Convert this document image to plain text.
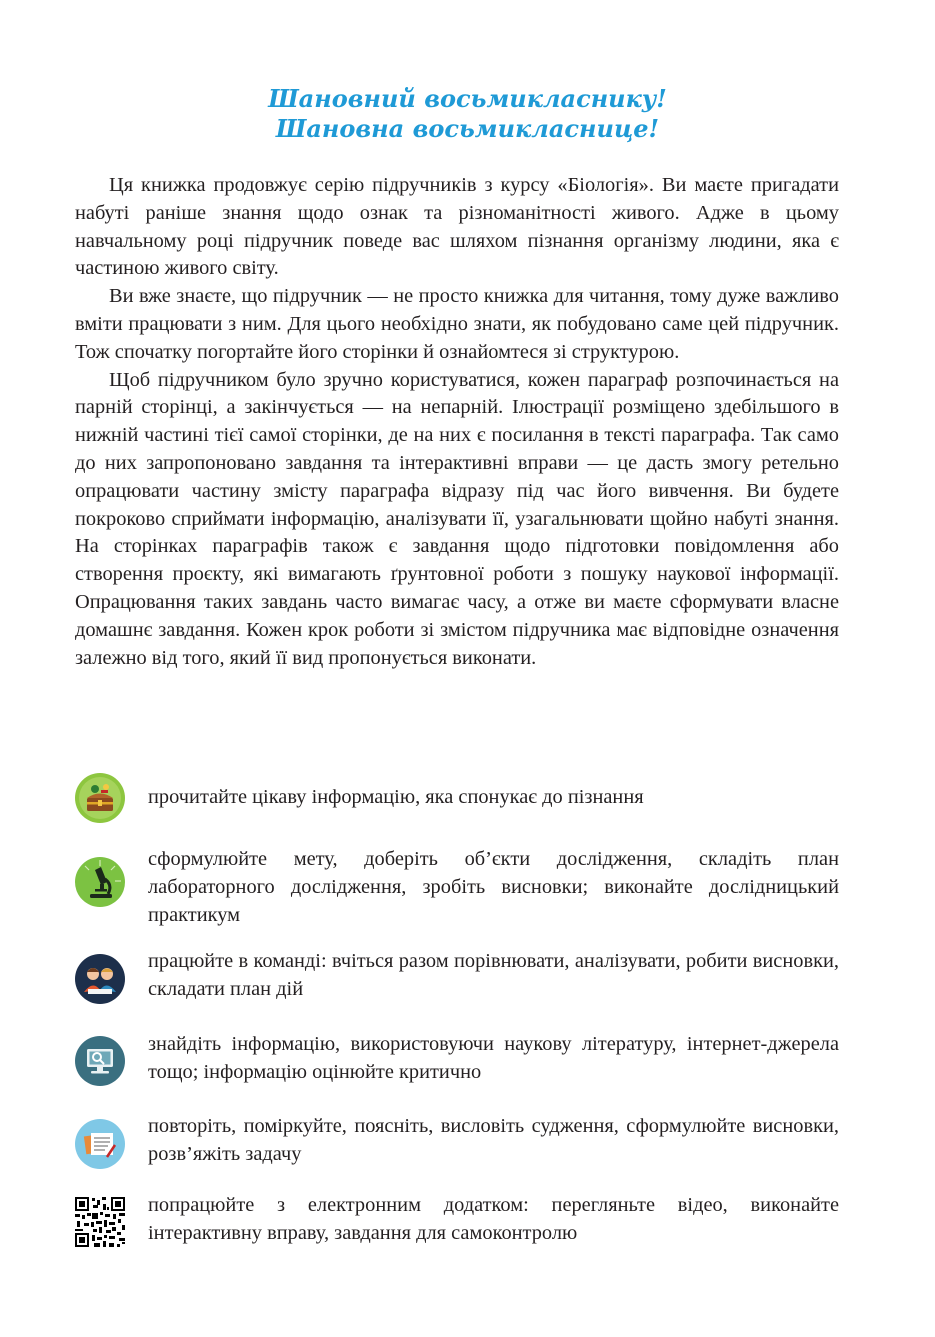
Шановний восьмикласнику!
Шановна восьмикласнице!

Ця книжка продовжує серію підручників з курсу «Біологія». Ви маєте пригадати набуті раніше знання щодо ознак та різноманітності живого. Адже в цьому навчальному році підручник поведе вас шляхом пізнання організму людини, яка є частиною живого світу.

Ви вже знаєте, що підручник — не просто книжка для читання, тому дуже важливо вміти працювати з ним. Для цього необхідно знати, як побудовано саме цей підручник. Тож спочатку погортайте його сторінки й ознайомтеся зі структурою.

Щоб підручником було зручно користуватися, кожен параграф розпочинається на парній сторінці, а закінчується — на непарній. Ілюстрації розміщено здебільшого в нижній частині тієї самої сторінки, де на них є посилання в тексті параграфа. Так само до них запропоновано завдання та інтерактивні вправи — це дасть змогу ретельно опрацювати частину змісту параграфа відразу під час його вивчення. Ви будете покроково сприймати інформацію, аналізувати її, узагальнювати щойно набуті знання. На сторінках параграфів також є завдання щодо підготовки повідомлення або створення проєкту, які вимагають ґрунтовної роботи з пошуку наукової інформації. Опрацювання таких завдань часто вимагає часу, а отже ви маєте сформувати власне домашнє завдання. Кожен крок роботи зі змістом підручника має відповідне означення залежно від того, який її вид пропонується виконати.

прочитайте цікаву інформацію, яка спонукає до пізнання
сформулюйте мету, доберіть об’єкти дослідження, складіть план лабораторного дослідження, зробіть висновки; виконайте дослідницький практикум
працюйте в команді: вчіться разом порівнювати, аналізувати, робити висновки, складати план дій
знайдіть інформацію, використовуючи наукову літературу, інтернет-джерела тощо; інформацію оцінюйте критично
повторіть, поміркуйте, поясніть, висловіть судження, сформулюйте висновки, розв’яжіть задачу
попрацюйте з електронним додатком: перегляньте відео, виконайте інтерактивну вправу, завдання для самоконтролю
